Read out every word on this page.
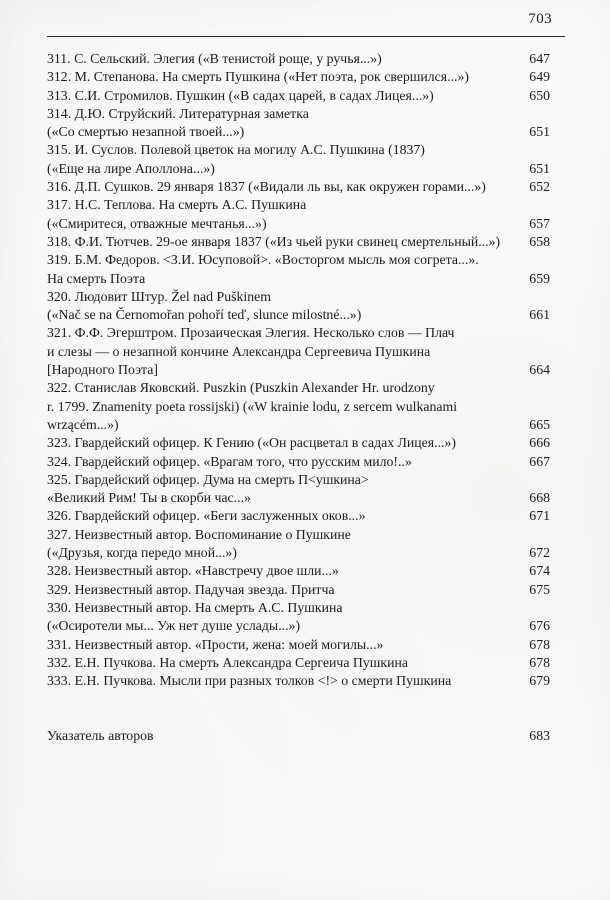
703
311. С. Сельский. Элегия («В тенистой роще, у ручья...»)	647
312. М. Степанова. На смерть Пушкина («Нет поэта, рок свершился...»)	649
313. С.И. Стромилов. Пушкин («В садах царей, в садах Лицея...»)	650
314. Д.Ю. Струйский. Литературная заметка
(«Со смертью незапной твоей...»)	651
315. И. Суслов. Полевой цветок на могилу А.С. Пушкина (1837)
(«Еще на лире Аполлона...»)	651
316. Д.П. Сушков. 29 января 1837 («Видали ль вы, как окружен горами...»)	652
317. Н.С. Теплова. На смерть А.С. Пушкина
(«Смиритеся, отважные мечтанья...»)	657
318. Ф.И. Тютчев. 29-ое января 1837 («Из чьей руки свинец смертельный...»)	658
319. Б.М. Федоров. <З.И. Юсуповой>. «Восторгом мысль моя согрета...».
На смерть Поэта	659
320. Людовит Штур. Žel nad Puškinem
(«Nač se na Černomořan pohoří teď, slunce milostné...»)	661
321. Ф.Ф. Эгерштром. Прозаическая Элегия. Несколько слов — Плач
и слезы — о незапной кончине Александра Сергеевича Пушкина
[Народного Поэта]	664
322. Станислав Яковский. Puszkin (Puszkin Alexander Hr. urodzony
r. 1799. Znamenity poeta rossijski) («W krainie lodu, z sercem wulkanami
wrzącém...»)	665
323. Гвардейский офицер. К Гению («Он расцветал в садах Лицея...»)	666
324. Гвардейский офицер. «Врагам того, что русским мило!..»	667
325. Гвардейский офицер. Дума на смерть П<ушкина>
«Великий Рим! Ты в скорби час...»	668
326. Гвардейский офицер. «Беги заслуженных оков...»	671
327. Неизвестный автор. Воспоминание о Пушкине
(«Друзья, когда передо мной...»)	672
328. Неизвестный автор. «Навстречу двое шли...»	674
329. Неизвестный автор. Падучая звезда. Притча	675
330. Неизвестный автор. На смерть А.С. Пушкина
(«Осиротели мы... Уж нет душе услады...»)	676
331. Неизвестный автор. «Прости, жена: моей могилы...»	678
332. Е.Н. Пучкова. На смерть Александра Сергеича Пушкина	678
333. Е.Н. Пучкова. Мысли при разных толков <!> о смерти Пушкина	679
Указатель авторов	683
